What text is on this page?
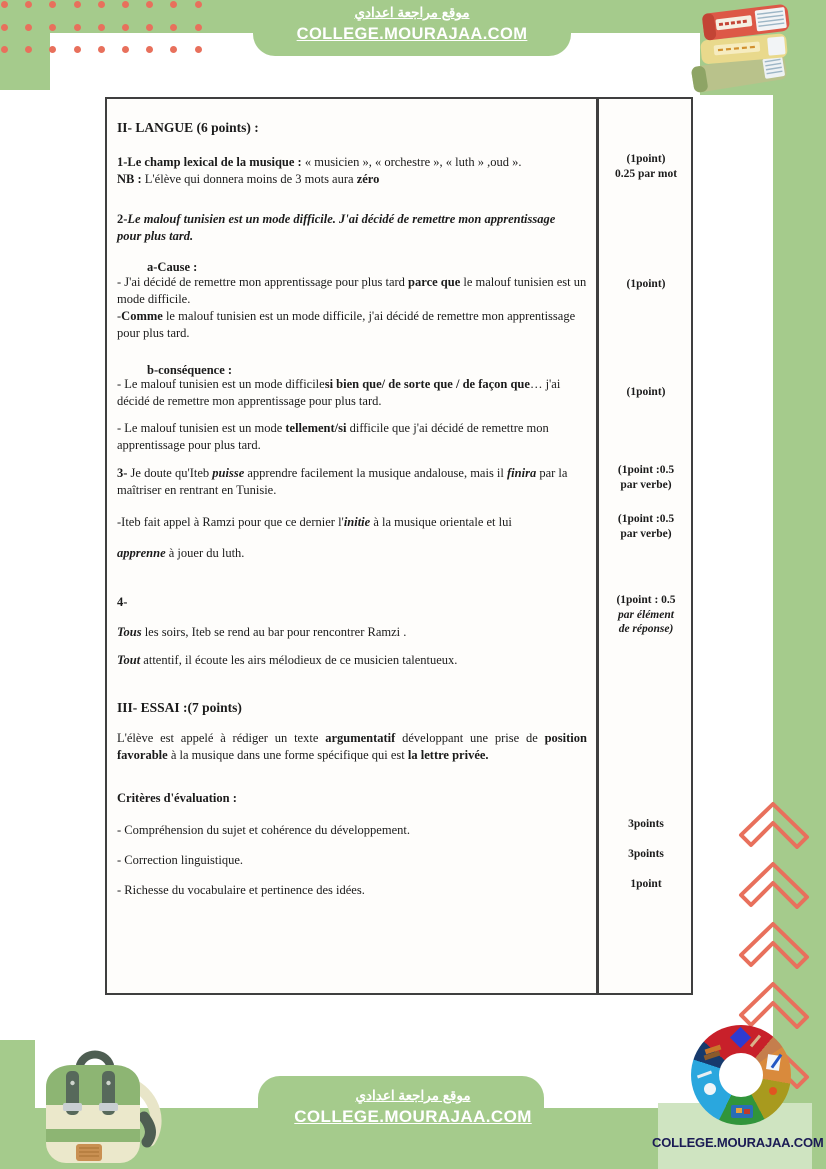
موقع مراجعة اعدادي
COLLEGE.MOURAJAA.COM
II- LANGUE (6 points) :
1-Le champ lexical de la musique : « musicien », « orchestre », « luth » ,oud ».
NB : L'élève qui donnera moins de 3 mots aura zéro
2-Le malouf tunisien est un mode difficile. J'ai décidé de remettre mon apprentissage pour plus tard.
a-Cause :
- J'ai décidé de remettre mon apprentissage pour plus tard parce que le malouf tunisien est un mode difficile.
-Comme le malouf tunisien est un mode difficile, j'ai décidé de remettre mon apprentissage pour plus tard.
b-conséquence :
- Le malouf tunisien est un mode difficilesi bien que/ de sorte que / de façon que… j'ai décidé de remettre mon apprentissage pour plus tard.
- Le malouf tunisien est un mode tellement/si difficile que j'ai décidé de remettre mon apprentissage pour plus tard.
3- Je doute qu'Iteb puisse apprendre facilement la musique andalouse, mais il finira par la maîtriser en rentrant en Tunisie.
-Iteb fait appel à Ramzi pour que ce dernier l'initie à la musique orientale et lui
apprenne à jouer du luth.
4-
Tous les soirs, Iteb se rend au bar pour rencontrer Ramzi .
Tout attentif, il écoute les airs mélodieux de ce musicien talentueux.
III- ESSAI :(7 points)
L'élève est appelé à rédiger un texte argumentatif développant une prise de position favorable à la musique dans une forme spécifique qui est la lettre privée.
Critères d'évaluation :
- Compréhension du sujet et cohérence du développement.
- Correction linguistique.
- Richesse du vocabulaire et pertinence des idées.
(1point)
0.25 par mot
(1point)
(1point)
(1point :0.5
par verbe)
(1point :0.5
par verbe)
(1point : 0.5
par élément
de réponse)
3points
3points
1point
COLLEGE.MOURAJAA.COM
موقع مراجعة اعدادي
COLLEGE.MOURAJAA.COM
